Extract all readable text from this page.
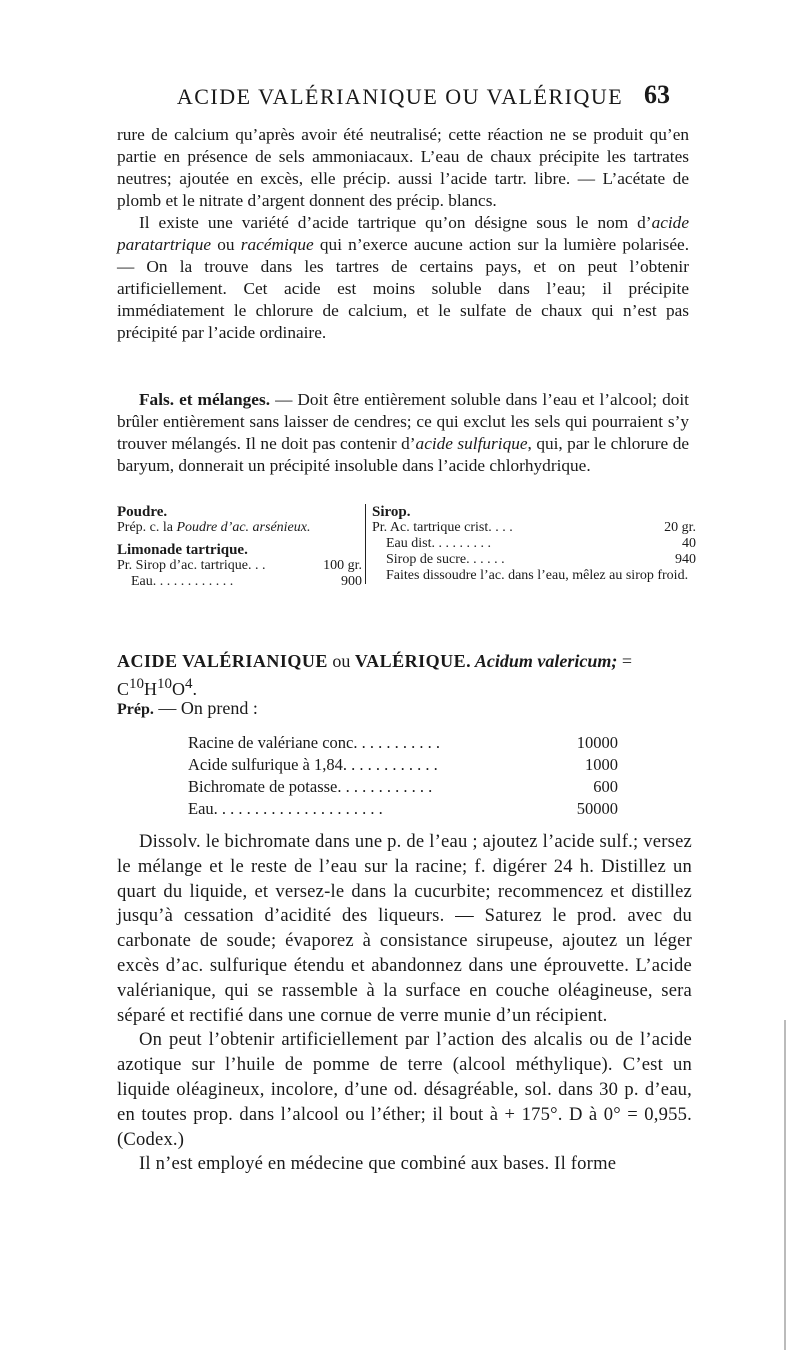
ACIDE VALÉRIANIQUE OU VALÉRIQUE 63

rure de calcium qu’après avoir été neutralisé; cette réaction ne se produit qu’en partie en présence de sels ammoniacaux. L’eau de chaux précipite les tartrates neutres; ajoutée en excès, elle précip. aussi l’acide tartr. libre. — L’acétate de plomb et le nitrate d’argent donnent des précip. blancs.

Il existe une variété d’acide tartrique qu’on désigne sous le nom d’acide paratartrique ou racémique qui n’exerce aucune action sur la lumière polarisée. — On la trouve dans les tartres de certains pays, et on peut l’obtenir artificiellement. Cet acide est moins soluble dans l’eau; il précipite immédiatement le chlorure de calcium, et le sulfate de chaux qui n’est pas précipité par l’acide ordinaire.

Fals. et mélanges. — Doit être entièrement soluble dans l’eau et l’alcool; doit brûler entièrement sans laisser de cendres; ce qui exclut les sels qui pourraient s’y trouver mélangés. Il ne doit pas contenir d’acide sulfurique, qui, par le chlorure de baryum, donnerait un précipité insoluble dans l’acide chlorhydrique.

Poudre.
Prép. c. la Poudre d’ac. arsénieux.
Limonade tartrique.
Pr. Sirop d’ac. tartrique. . .	100 gr.
Eau. . . . . . . . . . . .	900
Sirop.
Pr. Ac. tartrique crist. . . .	20 gr.
Eau dist. . . . . . . . .	40
Sirop de sucre. . . . . .	940
Faites dissoudre l’ac. dans l’eau, mêlez au sirop froid.
ACIDE VALÉRIANIQUE ou VALÉRIQUE. Acidum valericum; = $C^{10}H^{10}O^4$.
Prép. — On prend :
Racine de valériane conc. . . . . . . . . . .	10000
Acide sulfurique à 1,84. . . . . . . . . . . .	1000
Bichromate de potasse. . . . . . . . . . . .	600
Eau. . . . . . . . . . . . . . . . . . . . .	50000

Dissolv. le bichromate dans une p. de l’eau ; ajoutez l’acide sulf.; versez le mélange et le reste de l’eau sur la racine; f. digérer 24 h. Distillez un quart du liquide, et versez-le dans la cucurbite; recommencez et distillez jusqu’à cessation d’acidité des liqueurs. — Saturez le prod. avec du carbonate de soude; évaporez à consistance sirupeuse, ajoutez un léger excès d’ac. sulfurique étendu et abandonnez dans une éprouvette. L’acide valérianique, qui se rassemble à la surface en couche oléagineuse, sera séparé et rectifié dans une cornue de verre munie d’un récipient.

On peut l’obtenir artificiellement par l’action des alcalis ou de l’acide azotique sur l’huile de pomme de terre (alcool méthylique). C’est un liquide oléagineux, incolore, d’une od. désagréable, sol. dans 30 p. d’eau, en toutes prop. dans l’alcool ou l’éther; il bout à + 175°. D à 0° = 0,955. (Codex.)

Il n’est employé en médecine que combiné aux bases. Il forme
